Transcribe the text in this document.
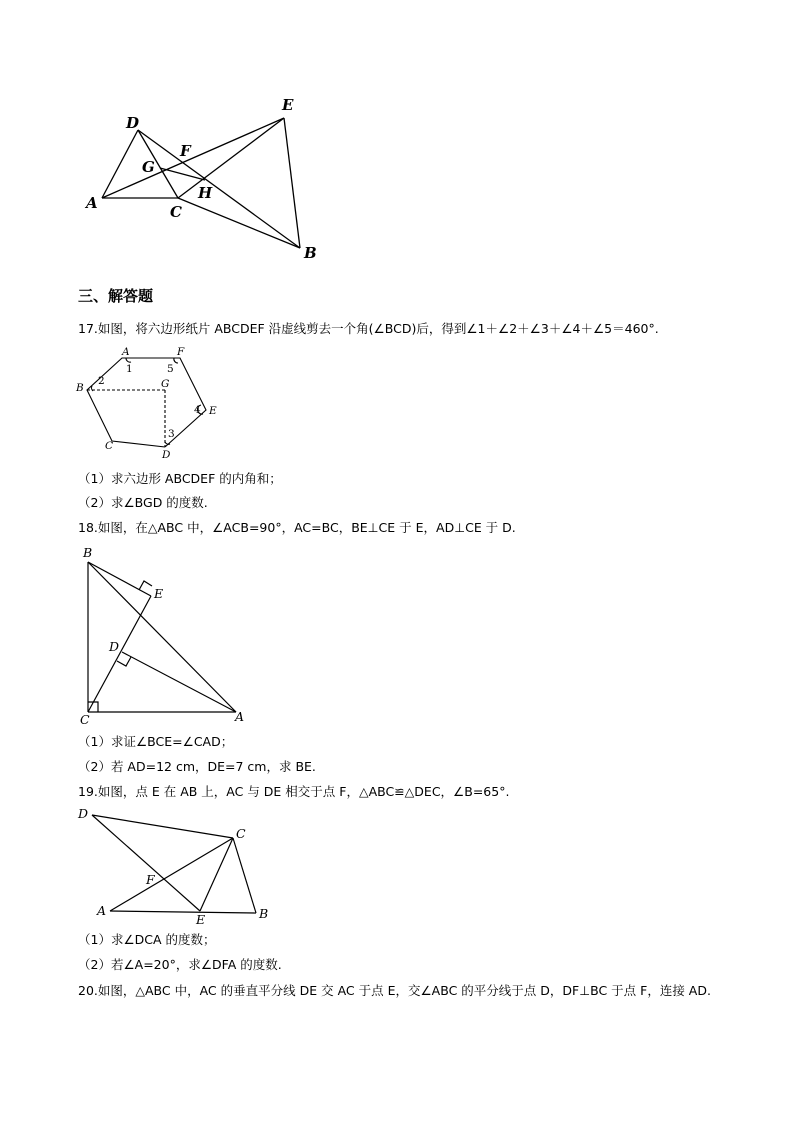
D
E
F
G
H
A	C
B
三、解答题
17.如图，将六边形纸片 ABCDEF 沿虚线剪去一个角(∠BCD)后，得到∠1＋∠2＋∠3＋∠4＋∠5＝460°.
A	F
B	G
E
C
D
1
2
3
4
5
（1）求六边形 ABCDEF 的内角和；
（2）求∠BGD 的度数.
18.如图，在△ABC 中，∠ACB=90°，AC=BC，BE⊥CE 于 E，AD⊥CE 于 D.
B
E
D
C	A
（1）求证∠BCE=∠CAD；
（2）若 AD=12 cm，DE=7 cm，求 BE.
19.如图，点 E 在 AB 上，AC 与 DE 相交于点 F，△ABC≌△DEC，∠B=65°.
D
C
F
A
E	B
（1）求∠DCA 的度数；
（2）若∠A=20°，求∠DFA 的度数.
20.如图，△ABC 中，AC 的垂直平分线 DE 交 AC 于点 E，交∠ABC 的平分线于点 D，DF⊥BC 于点 F，连接 AD.
